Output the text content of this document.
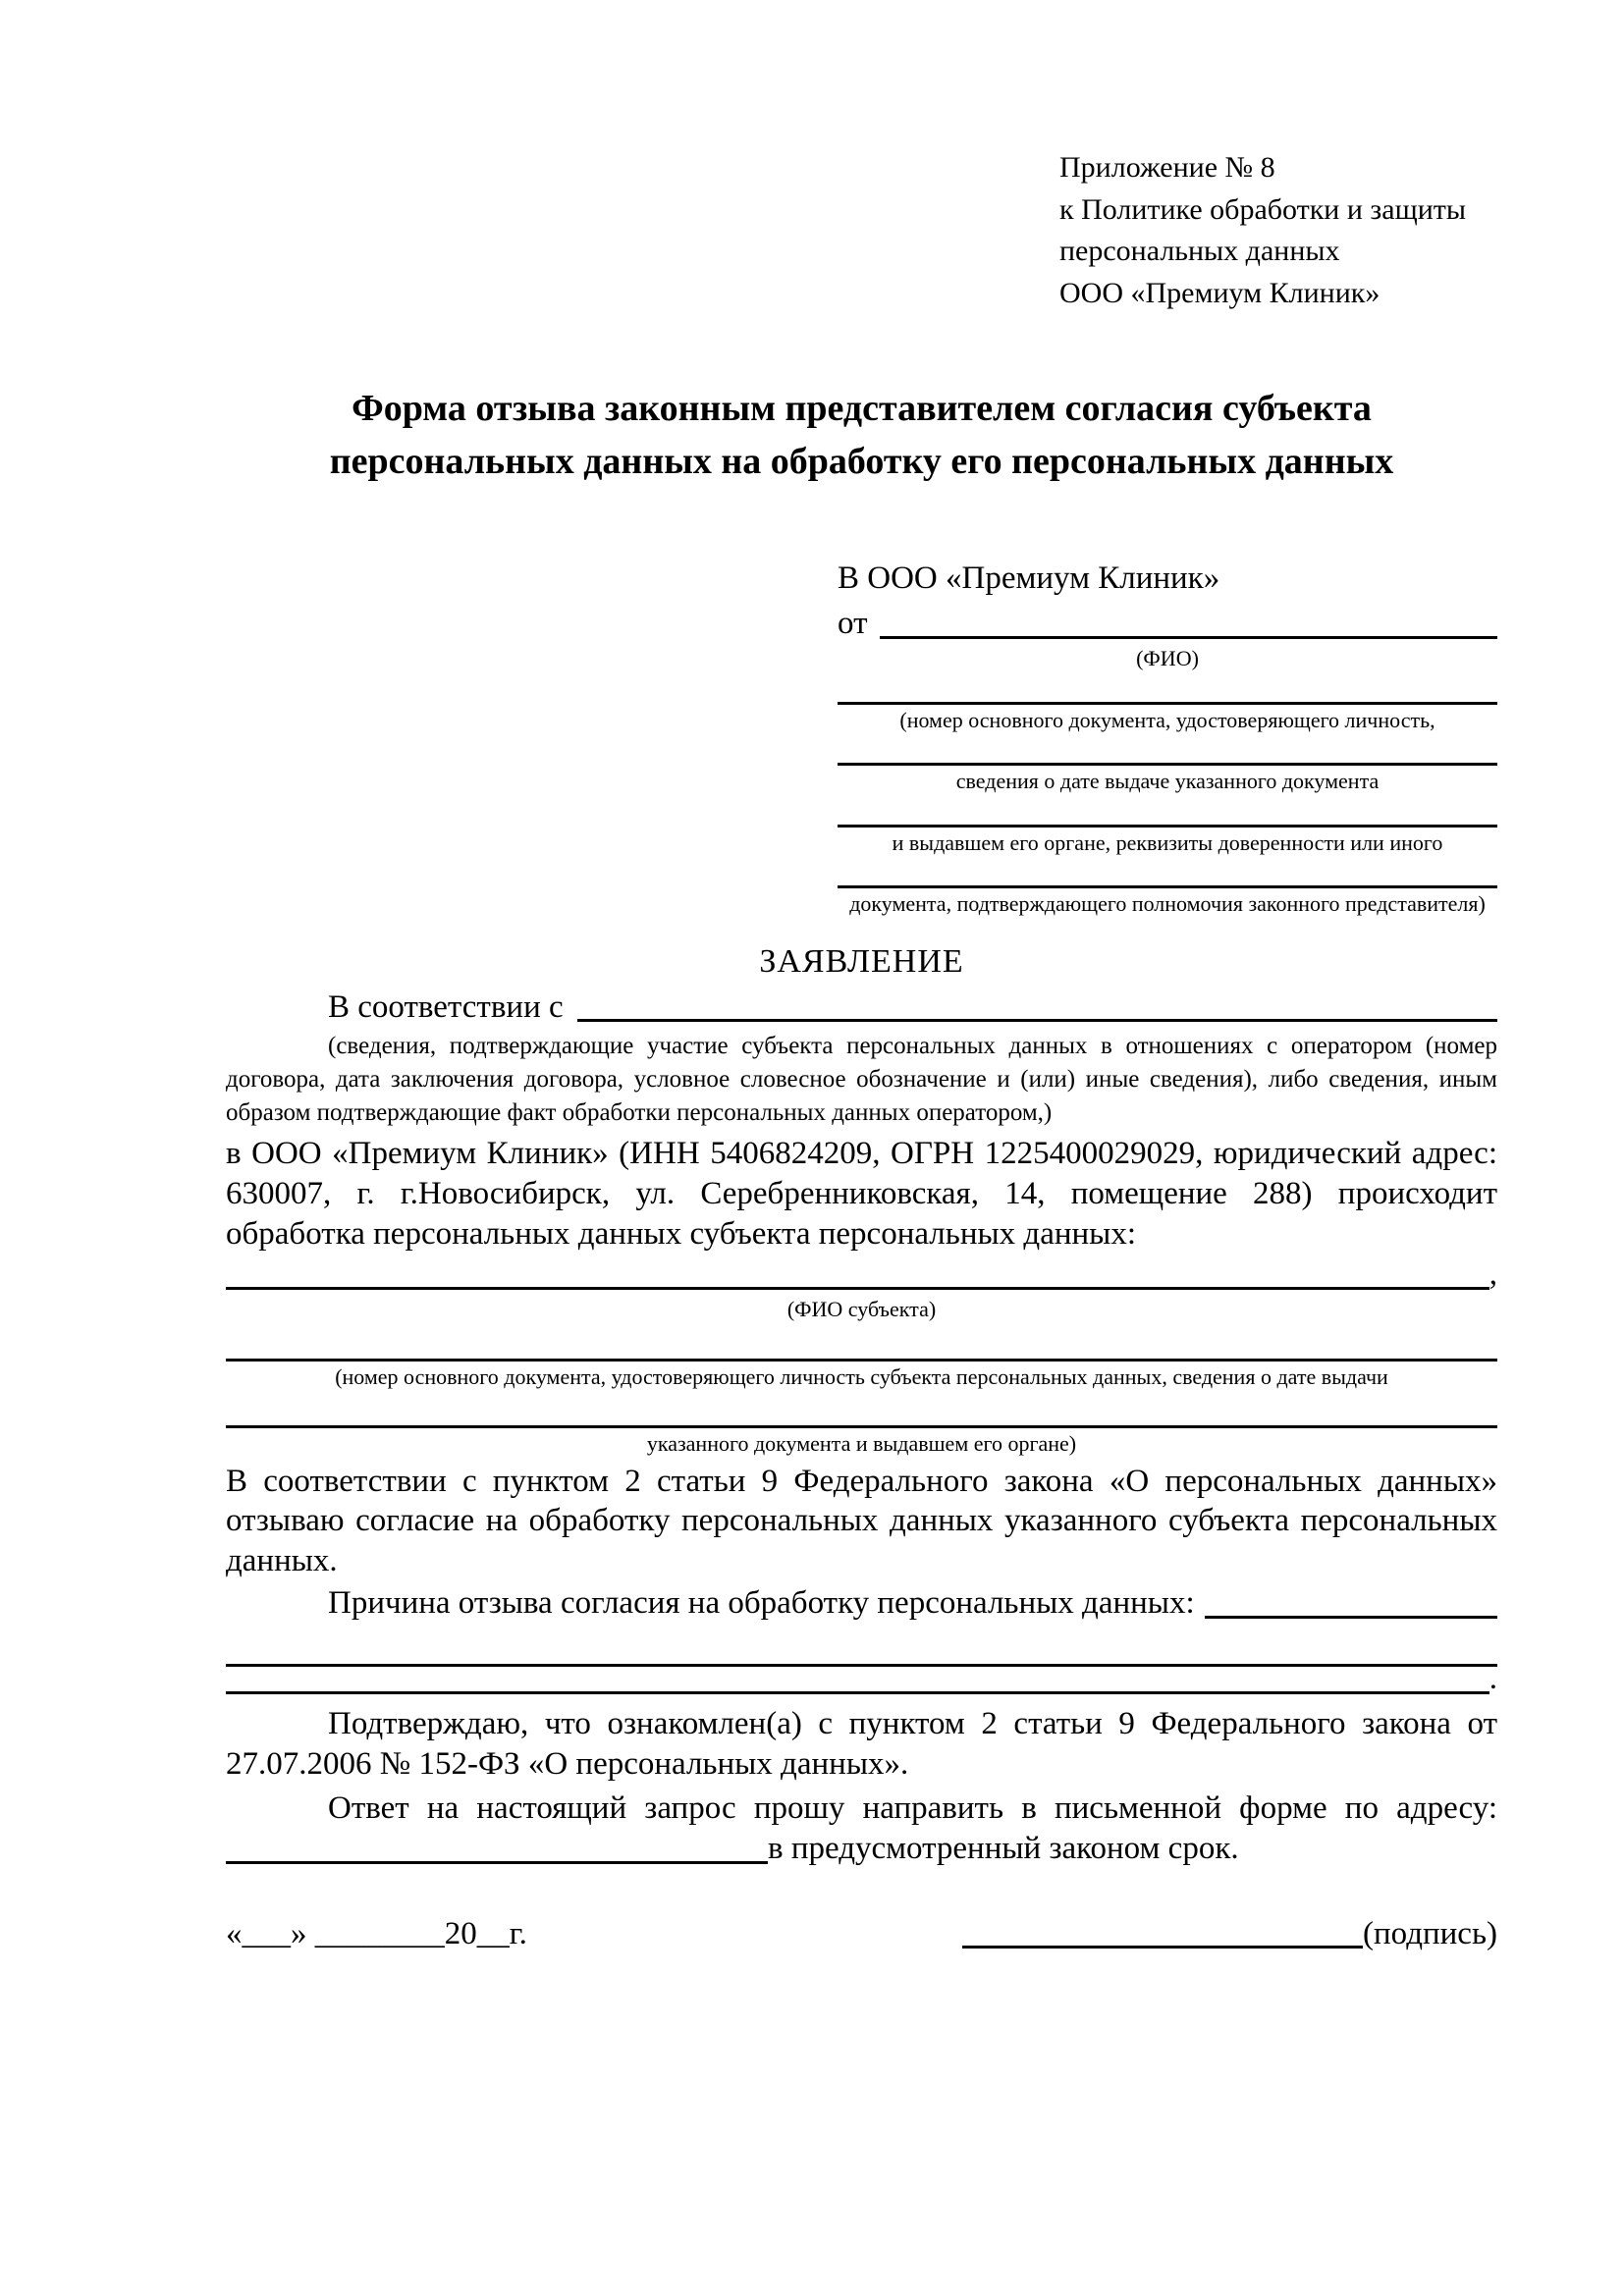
Приложение № 8
к Политике обработки и защиты
персональных данных
ООО «Премиум Клиник»
Форма отзыва законным представителем согласия субъекта персональных данных на обработку его персональных данных
В ООО «Премиум Клиник»
от
(ФИО)
(номер основного документа, удостоверяющего личность,
сведения о дате выдаче указанного документа
и выдавшем его органе, реквизиты доверенности или иного
документа, подтверждающего полномочия законного представителя)
ЗАЯВЛЕНИЕ
В соответствии с

(сведения, подтверждающие участие субъекта персональных данных в отношениях с оператором (номер договора, дата заключения договора, условное словесное обозначение и (или) иные сведения), либо сведения, иным образом подтверждающие факт обработки персональных данных оператором,)

в ООО «Премиум Клиник» (ИНН 5406824209, ОГРН 1225400029029, юридический адрес: 630007, г. г.Новосибирск, ул. Серебренниковская, 14, помещение 288) происходит обработка персональных данных субъекта персональных данных:

,
(ФИО субъекта)
(номер основного документа, удостоверяющего личность субъекта персональных данных, сведения о дате выдачи
указанного документа и выдавшем его органе)

В соответствии с пунктом 2 статьи 9 Федерального закона «О персональных данных» отзываю согласие на обработку персональных данных указанного субъекта персональных данных.

Причина отзыва согласия на обработку персональных данных:
.

Подтверждаю, что ознакомлен(а) с пунктом 2 статьи 9 Федерального закона от 27.07.2006 № 152-ФЗ «О персональных данных».

Ответ на настоящий запрос прошу направить в письменной форме по адресу:

в предусмотренный законом срок.
«___» ________20__г.	(подпись)
